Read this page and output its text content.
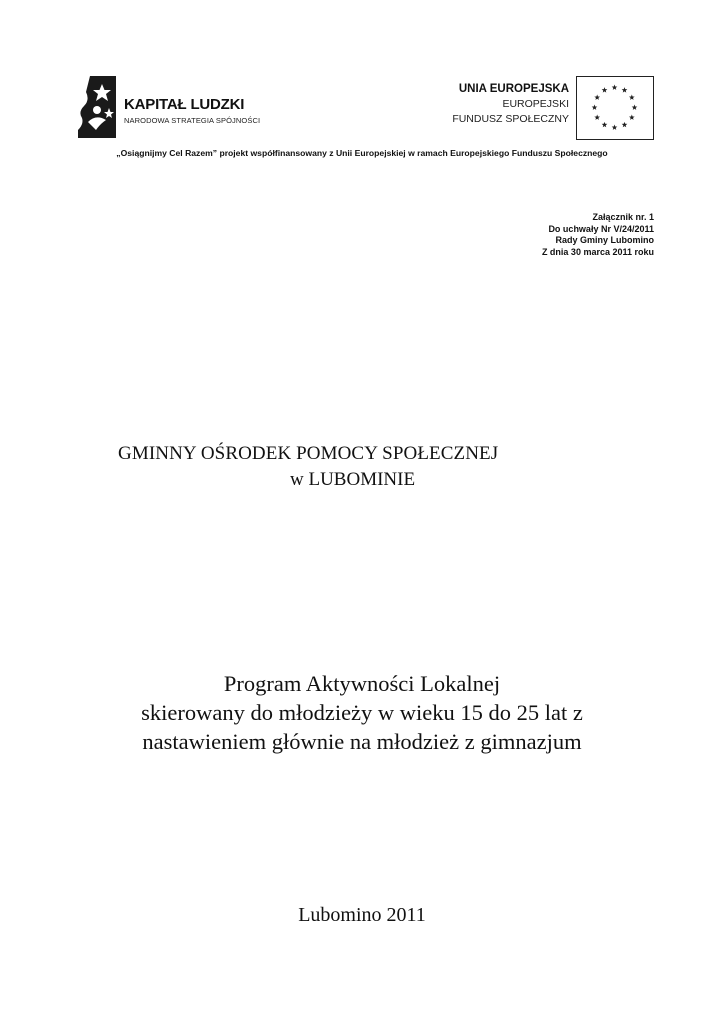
KAPITAŁ LUDZKI
NARODOWA STRATEGIA SPÓJNOŚCI
UNIA EUROPEJSKA
EUROPEJSKI
FUNDUSZ SPOŁECZNY
„Osiągnijmy Cel Razem” projekt współfinansowany z Unii Europejskiej w ramach Europejskiego Funduszu Społecznego
Załącznik nr. 1
Do uchwały Nr V/24/2011
Rady Gminy Lubomino
Z dnia 30 marca 2011 roku
GMINNY OŚRODEK POMOCY SPOŁECZNEJ
w LUBOMINIE
Program Aktywności Lokalnej
skierowany do młodzieży w wieku 15 do 25 lat z
nastawieniem głównie na młodzież z gimnazjum
Lubomino 2011
